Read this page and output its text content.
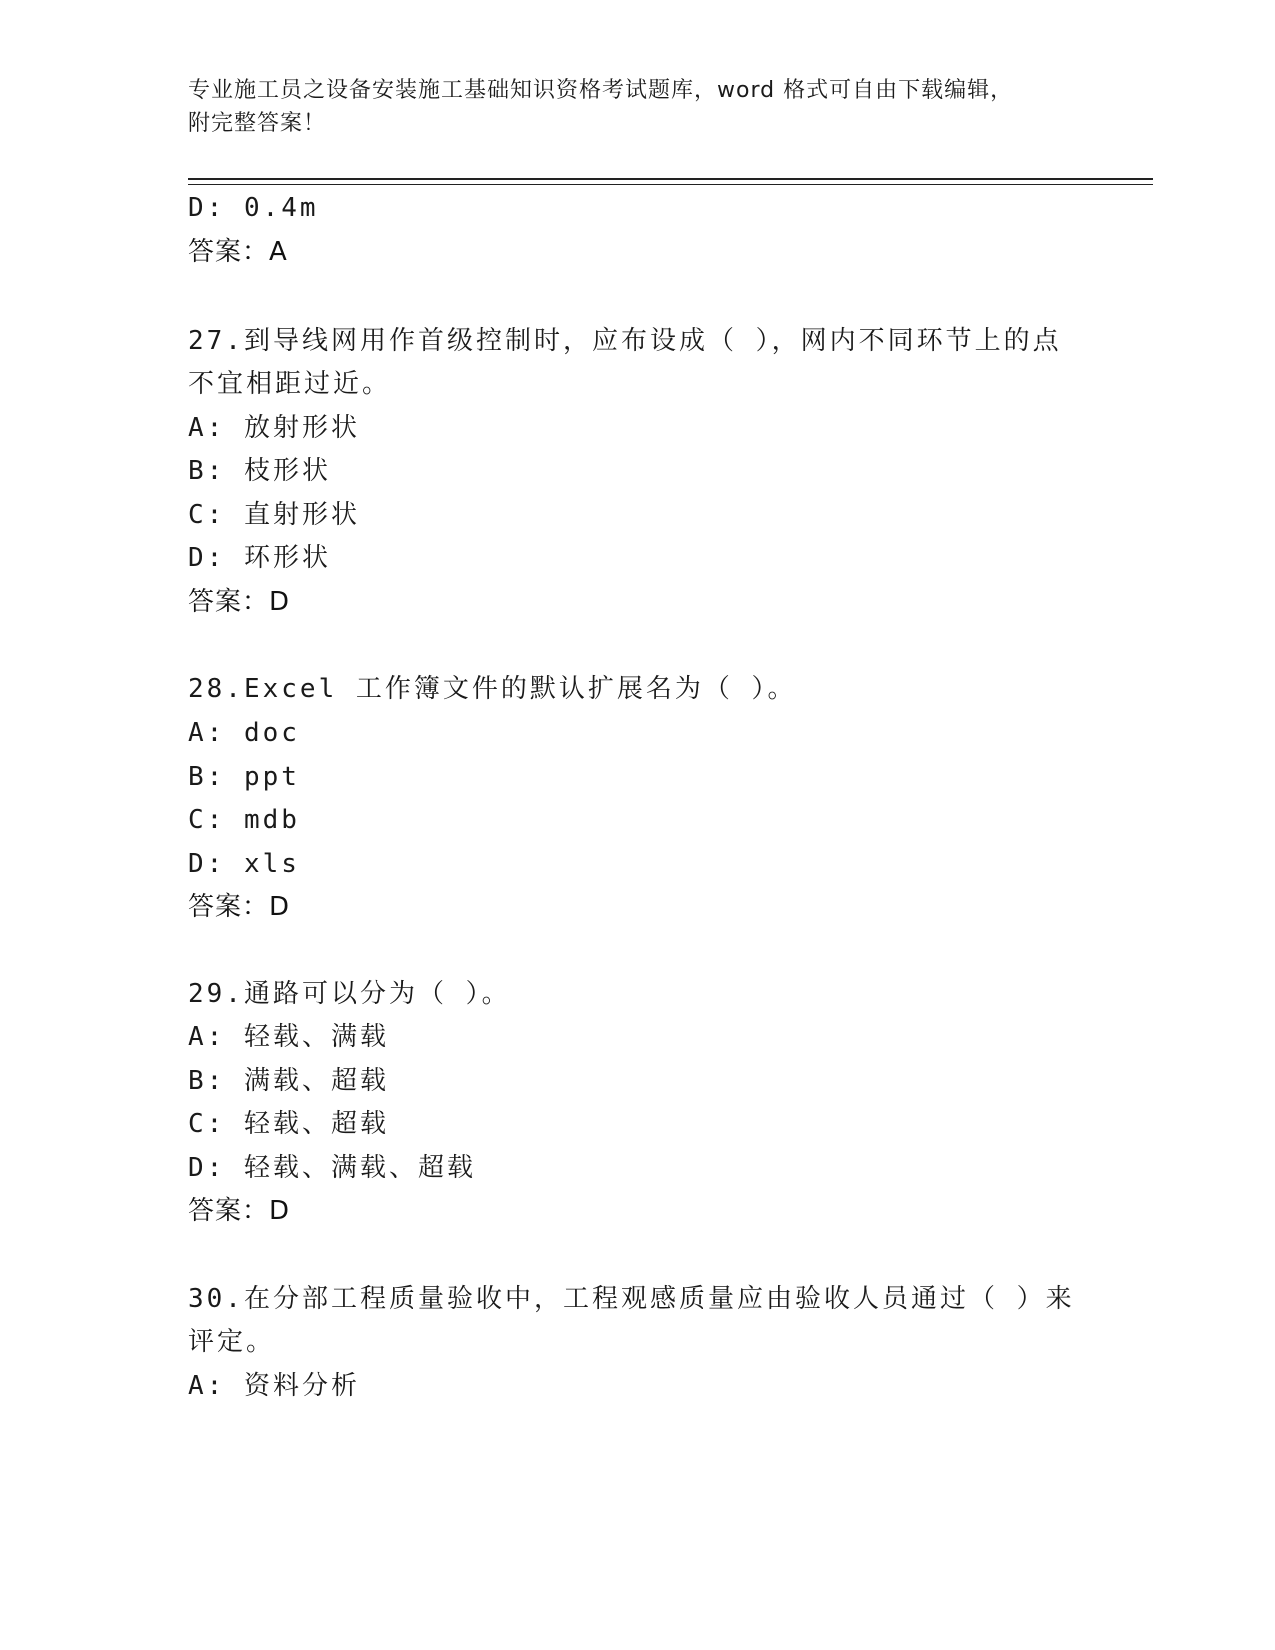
专业施工员之设备安装施工基础知识资格考试题库，word 格式可自由下载编辑，
附完整答案！
D: 0.4m
答案：A
27.到导线网用作首级控制时，应布设成（ ），网内不同环节上的点
不宜相距过近。
A: 放射形状
B: 枝形状
C: 直射形状
D: 环形状
答案：D
28.Excel 工作簿文件的默认扩展名为（ ）。
A: doc
B: ppt
C: mdb
D: xls
答案：D
29.通路可以分为（ ）。
A: 轻载、满载
B: 满载、超载
C: 轻载、超载
D: 轻载、满载、超载
答案：D
30.在分部工程质量验收中，工程观感质量应由验收人员通过（ ）来
评定。
A: 资料分析
